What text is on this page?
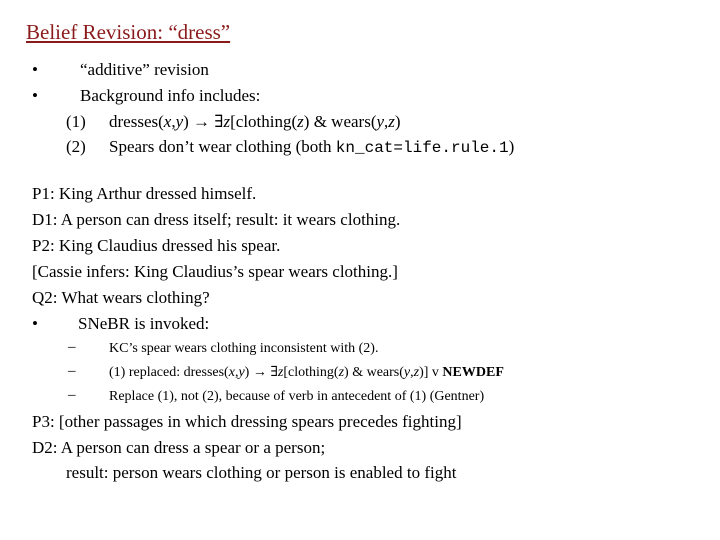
Belief Revision: “dress”
• “additive” revision
• Background info includes:
(1) dresses(x,y) → ∃z[clothing(z) & wears(y,z)
(2) Spears don’t wear clothing (both kn_cat=life.rule.1)
P1: King Arthur dressed himself.
D1: A person can dress itself; result: it wears clothing.
P2: King Claudius dressed his spear.
[Cassie infers: King Claudius’s spear wears clothing.]
Q2: What wears clothing?
• SNeBR is invoked:
– KC’s spear wears clothing inconsistent with (2).
– (1) replaced: dresses(x,y) → ∃z[clothing(z) & wears(y,z)] v NEWDEF
– Replace (1), not (2), because of verb in antecedent of (1) (Gentner)
P3: [other passages in which dressing spears precedes fighting]
D2: A person can dress a spear or a person;
result: person wears clothing or person is enabled to fight
